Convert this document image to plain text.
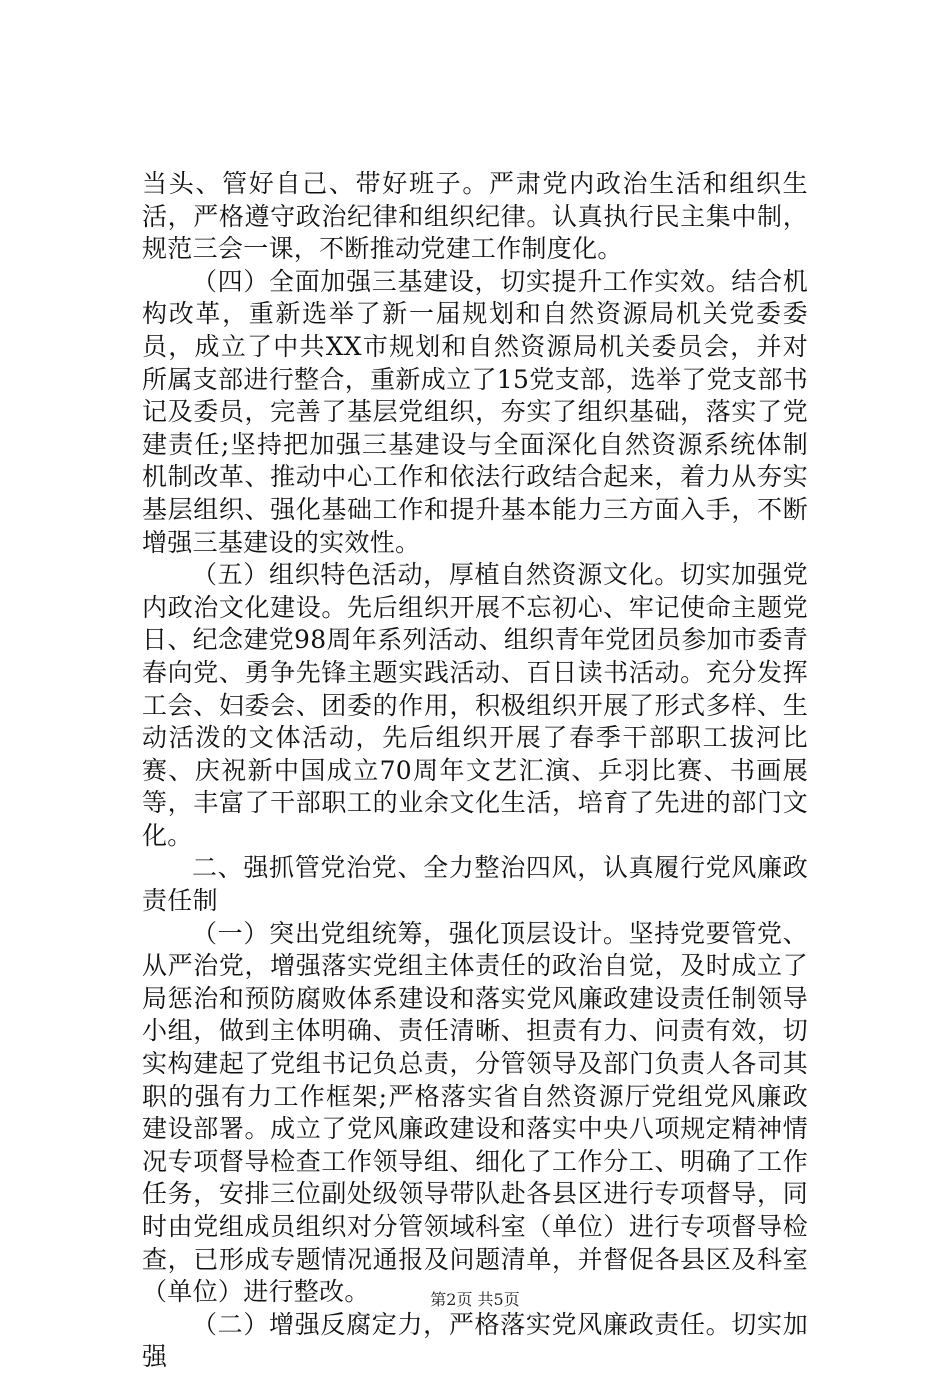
当头、管好自己、带好班子。严肃党内政治生活和组织生活，严格遵守政治纪律和组织纪律。认真执行民主集中制，规范三会一课，不断推动党建工作制度化。

（四）全面加强三基建设，切实提升工作实效。结合机构改革，重新选举了新一届规划和自然资源局机关党委委员，成立了中共XX市规划和自然资源局机关委员会，并对所属支部进行整合，重新成立了15党支部，选举了党支部书记及委员，完善了基层党组织，夯实了组织基础，落实了党建责任;坚持把加强三基建设与全面深化自然资源系统体制机制改革、推动中心工作和依法行政结合起来，着力从夯实基层组织、强化基础工作和提升基本能力三方面入手，不断增强三基建设的实效性。

（五）组织特色活动，厚植自然资源文化。切实加强党内政治文化建设。先后组织开展不忘初心、牢记使命主题党日、纪念建党98周年系列活动、组织青年党团员参加市委青春向党、勇争先锋主题实践活动、百日读书活动。充分发挥工会、妇委会、团委的作用，积极组织开展了形式多样、生动活泼的文体活动，先后组织开展了春季干部职工拔河比赛、庆祝新中国成立70周年文艺汇演、乒羽比赛、书画展等，丰富了干部职工的业余文化生活，培育了先进的部门文化。

二、强抓管党治党、全力整治四风，认真履行党风廉政责任制

（一）突出党组统筹，强化顶层设计。坚持党要管党、从严治党，增强落实党组主体责任的政治自觉，及时成立了局惩治和预防腐败体系建设和落实党风廉政建设责任制领导小组，做到主体明确、责任清晰、担责有力、问责有效，切实构建起了党组书记负总责，分管领导及部门负责人各司其职的强有力工作框架;严格落实省自然资源厅党组党风廉政建设部署。成立了党风廉政建设和落实中央八项规定精神情况专项督导检查工作领导组、细化了工作分工、明确了工作任务，安排三位副处级领导带队赴各县区进行专项督导，同时由党组成员组织对分管领域科室（单位）进行专项督导检查，已形成专题情况通报及问题清单，并督促各县区及科室（单位）进行整改。

（二）增强反腐定力，严格落实党风廉政责任。切实加强

第2页 共5页
